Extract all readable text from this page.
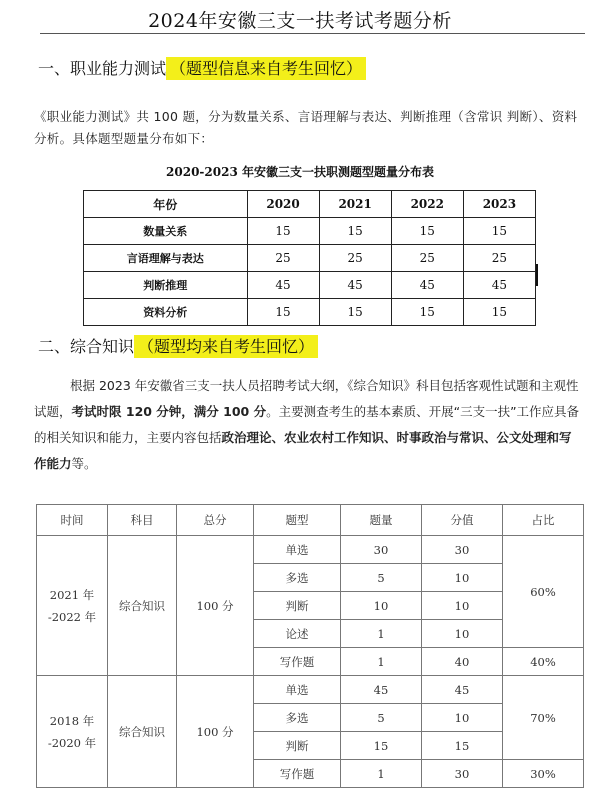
2024年安徽三支一扶考试考题分析
一、职业能力测试 （题型信息来自考生回忆）
《职业能力测试》共 100 题，分为数量关系、言语理解与表达、判断推理（含常识 判断）、资料分析。具体题型题量分布如下：
2020-2023 年安徽三支一扶职测题型题量分布表
年份	2020	2021	2022	2023
数量关系	15	15	15	15
言语理解与表达	25	25	25	25
判断推理	45	45	45	45
资料分析	15	15	15	15
二、综合知识 （题型均来自考生回忆）
根据 2023 年安徽省三支一扶人员招聘考试大纲，《综合知识》科目包括客观性试题和主观性试题，考试时限 120 分钟，满分 100 分。主要测查考生的基本素质、开展“三支一扶”工作应具备的相关知识和能力，主要内容包括政治理论、农业农村工作知识、时事政治与常识、公文处理和写作能力等。
时间	科目	总分	题型	题量	分值	占比
2021 年 -2022 年	综合知识	100 分	单选	30	30	60%
			多选	5	10	
			判断	10	10	
			论述	1	10	
			写作题	1	40	40%
2018 年 -2020 年	综合知识	100 分	单选	45	45	70%
			多选	5	10	
			判断	15	15	
			写作题	1	30	30%
